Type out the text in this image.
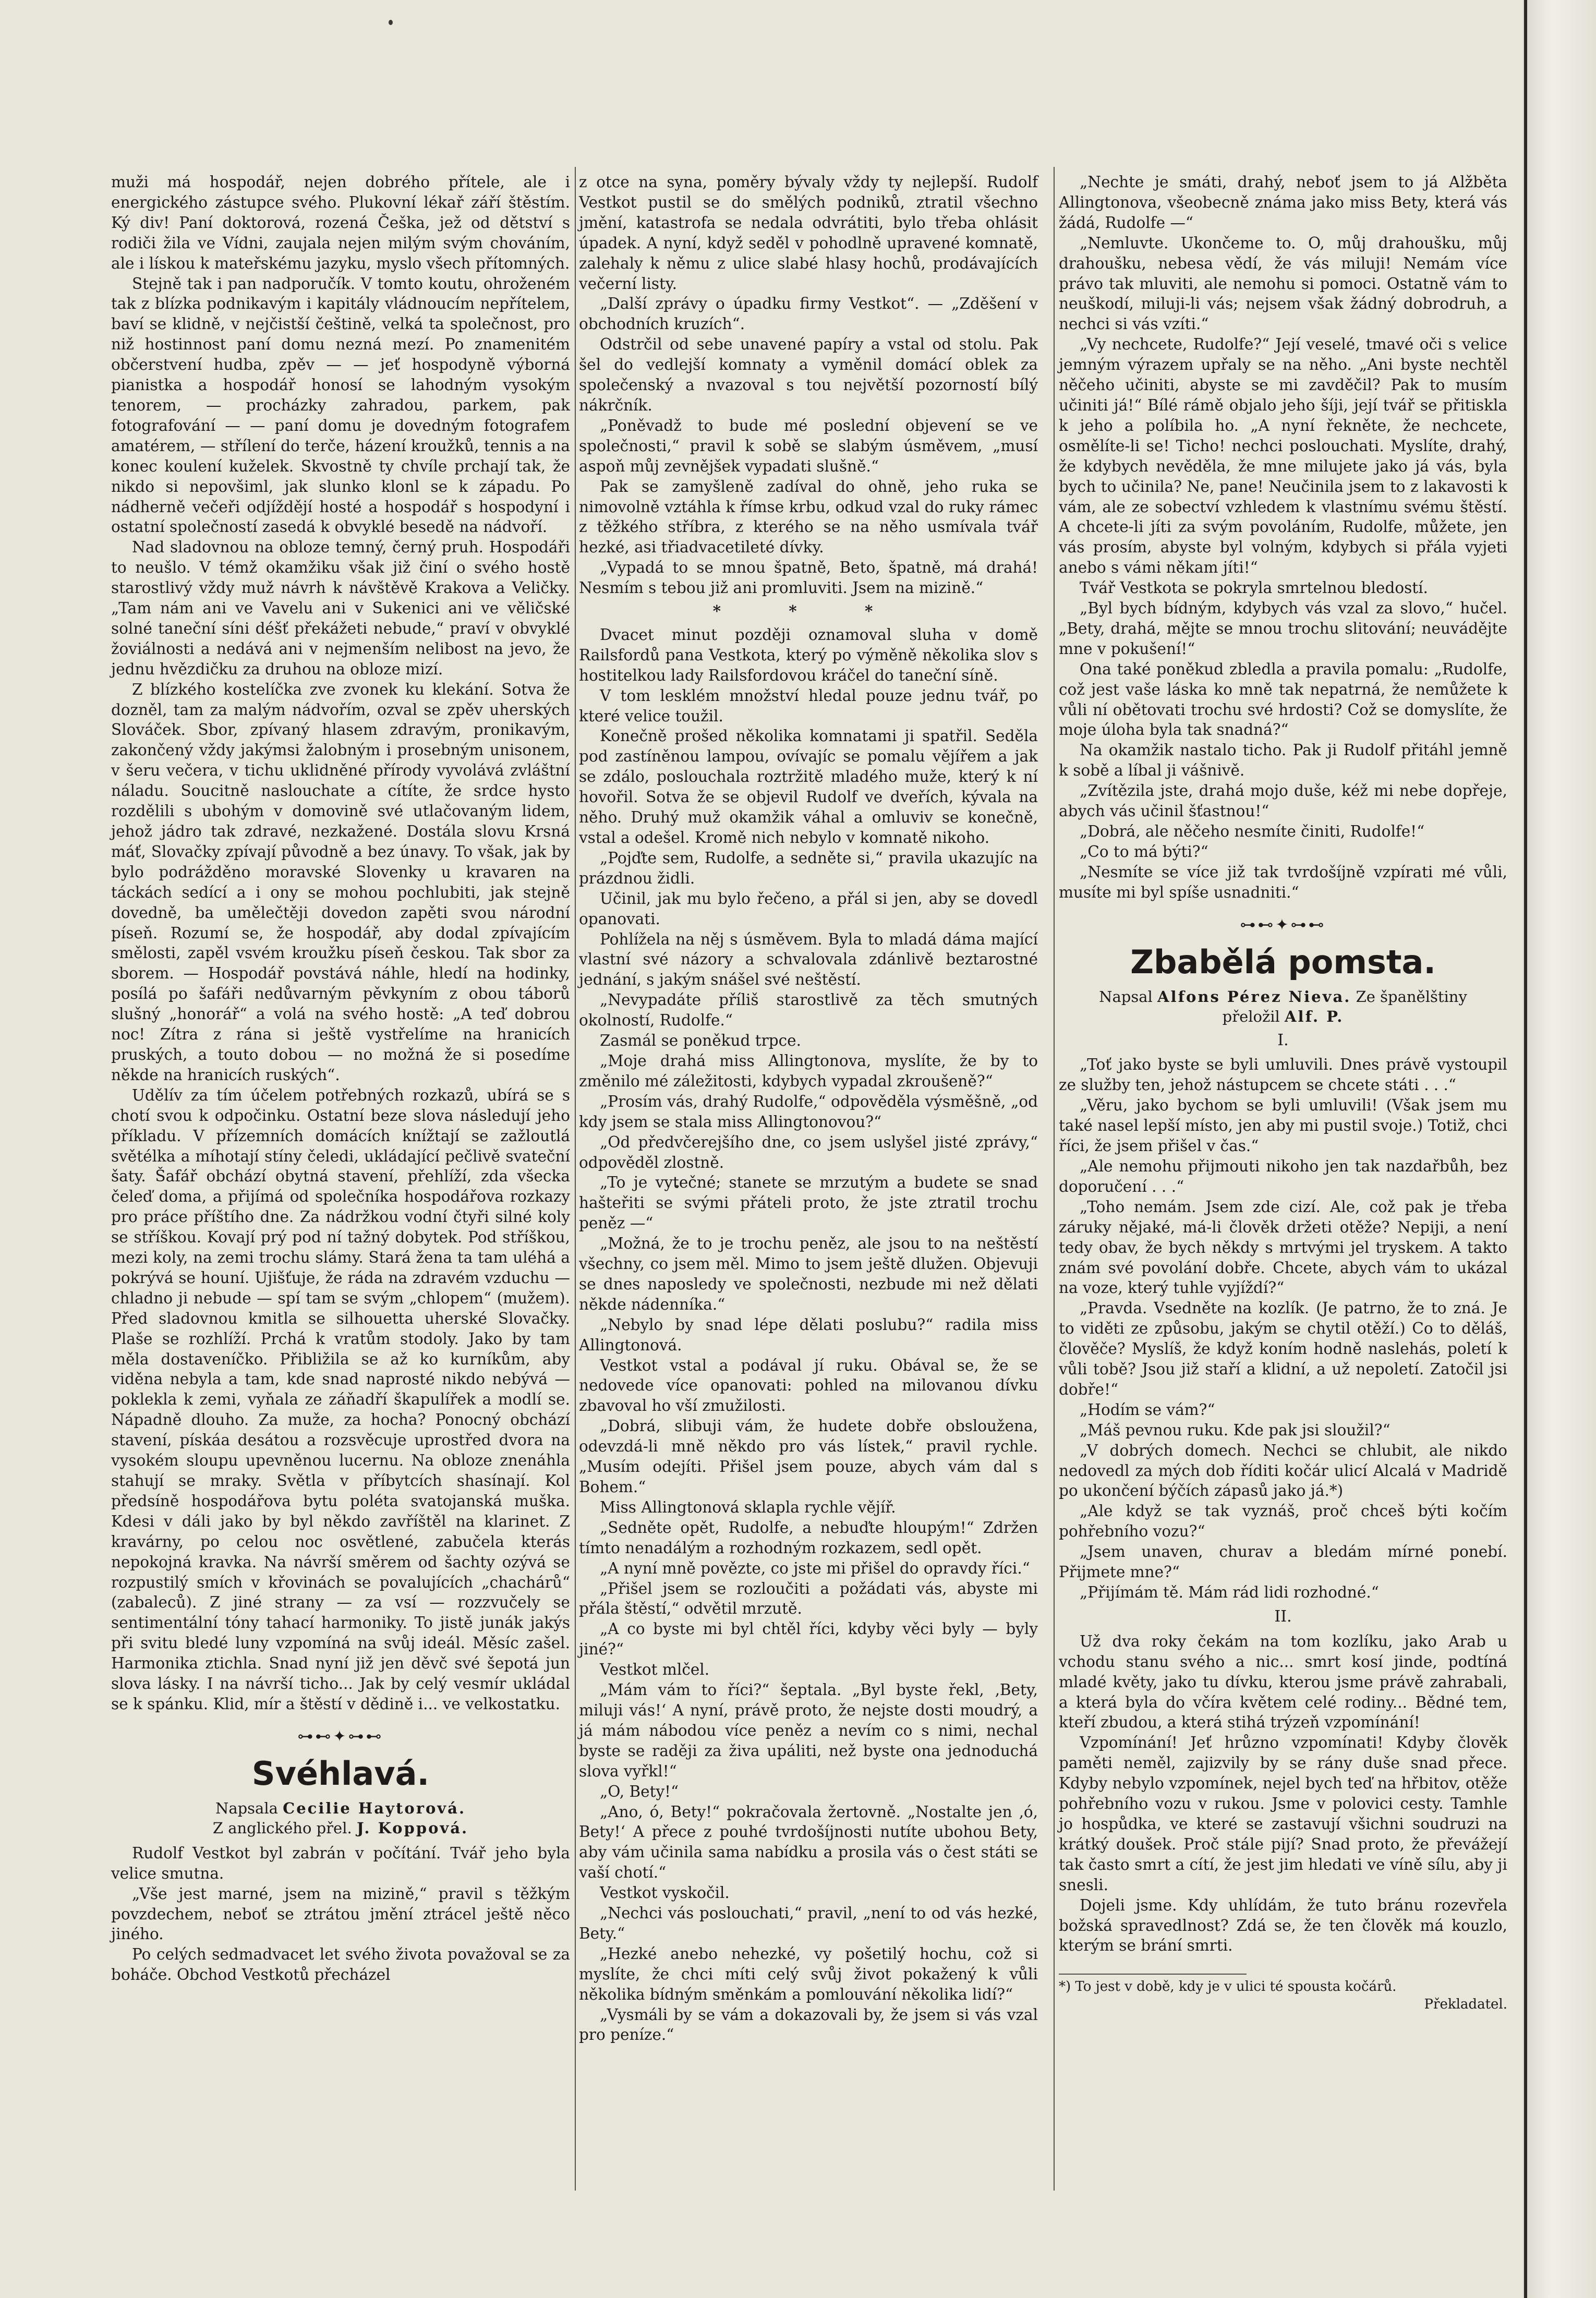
muži má hospodář, nejen dobrého přítele, ale i energického zástupce svého. Plukovní lékař září štěstím. Ký div! Paní doktorová, rozená Češka, jež od dětství s rodiči žila ve Vídni, zaujala nejen milým svým chováním, ale i lískou k mateřskému jazyku, myslo všech přítomných.

Stejně tak i pan nadporučík. V tomto koutu, ohroženém tak z blízka podnikavým i kapitály vládnoucím nepřítelem, baví se klidně, v nejčistší češtině, velká ta společnost, pro niž hostinnost paní domu nezná mezí. Po znamenitém občerstvení hudba, zpěv — — jeť hospodyně výborná pianistka a hospodář honosí se lahodným vysokým tenorem, — procházky zahradou, parkem, pak fotografování — — paní domu je dovedným fotografem amatérem, — střílení do terče, házení kroužků, tennis a na konec koulení kuželek. Skvostně ty chvíle prchají tak, že nikdo si nepovšiml, jak slunko klonl se k západu. Po nádherně večeři odjíždějí hosté a hospodář s hospodyní i ostatní společností zasedá k obvyklé besedě na nádvoří.

Nad sladovnou na obloze temný, černý pruh. Hospodáři to neušlo. V témž okamžiku však již činí o svého hostě starostlivý vždy muž návrh k návštěvě Krakova a Veličky. „Tam nám ani ve Vavelu ani v Sukenici ani ve věličské solné taneční síni déšť překážeti nebude,“ praví v obvyklé žoviálnosti a nedává ani v nejmenším nelibost na jevo, že jednu hvězdičku za druhou na obloze mizí.

Z blízkého kostelíčka zve zvonek ku klekání. Sotva že dozněl, tam za malým nádvořím, ozval se zpěv uherských Slováček. Sbor, zpívaný hlasem zdravým, pronikavým, zakončený vždy jakýmsi žalobným i prosebným unisonem, v šeru večera, v tichu uklidněné přírody vyvolává zvláštní náladu. Soucitně naslouchate a cítíte, že srdce hysto rozdělili s ubohým v domovině své utlačovaným lidem, jehož jádro tak zdravé, nezkažené. Dostála slovu Krsná máť, Slovačky zpívají původně a bez únavy. To však, jak by bylo podrážděno moravské Slovenky u kravaren na táckách sedící a i ony se mohou pochlubiti, jak stejně dovedně, ba umělečtěji dovedon zapěti svou národní píseň. Rozumí se, že hospodář, aby dodal zpívajícím smělosti, zapěl vsvém kroužku píseň českou. Tak sbor za sborem. — Hospodář povstává náhle, hledí na hodinky, posílá po šafáři nedůvarným pěvkyním z obou táborů slušný „honorář“ a volá na svého hostě: „A teď dobrou noc! Zítra z rána si ještě vystřelíme na hranicích pruských, a touto dobou — no možná že si posedíme někde na hranicích ruských“.

Udělív za tím účelem potřebných rozkazů, ubírá se s chotí svou k odpočinku. Ostatní beze slova následují jeho příkladu. V přízemních domácích knížtají se zažloutlá světélka a míhotají stíny čeledi, ukládající pečlivě svateční šaty. Šafář obchází obytná stavení, přehlíží, zda všecka čeleď doma, a přijímá od společníka hospodářova rozkazy pro práce příštího dne. Za nádržkou vodní čtyři silné koly se stříškou. Kovají prý pod ní tažný dobytek. Pod stříškou, mezi koly, na zemi trochu slámy. Stará žena ta tam uléhá a pokrývá se houní. Ujišťuje, že ráda na zdravém vzduchu — chladno ji nebude — spí tam se svým „chlopem“ (mužem). Před sladovnou kmitla se silhouetta uherské Slovačky. Plaše se rozhlíží. Prchá k vratům stodoly. Jako by tam měla dostaveníčko. Přibližila se až ko kurníkům, aby viděna nebyla a tam, kde snad naprosté nikdo nebývá — poklekla k zemi, vyňala ze záňadří škapulířek a modlí se. Nápadně dlouho. Za muže, za hocha? Ponocný obchází stavení, pískáa desátou a rozsvěcuje uprostřed dvora na vysokém sloupu upevněnou lucernu. Na obloze znenáhla stahují se mraky. Světla v příbytcích shasínají. Kol předsíně hospodářova bytu poléta svatojanská muška. Kdesi v dáli jako by byl někdo zavříštěl na klarinet. Z kravárny, po celou noc osvětlené, zabučela kterás nepokojná kravka. Na návrší směrem od šachty ozývá se rozpustilý smích v křovinách se povalujících „chachárů“ (zabaleců). Z jiné strany — za vsí — rozzvučely se sentimentální tóny tahací harmoniky. To jistě junák jakýs při svitu bledé luny vzpomíná na svůj ideál. Měsíc zašel. Harmonika ztichla. Snad nyní již jen děvč své šepotá jun slova lásky. I na návrší ticho... Jak by celý vesmír ukládal se k spánku. Klid, mír a štěstí v dědině i... ve velkostatku.

⊶⊷✦⊶⊷
Svéhlavá.
Napsala Cecilie Haytorová.
Z anglického přel. J. Koppová.

Rudolf Vestkot byl zabrán v počítání. Tvář jeho byla velice smutna.

„Vše jest marné, jsem na mizině,“ pravil s těžkým povzdechem, neboť se ztrátou jmění ztrácel ještě něco jiného.

Po celých sedmadvacet let svého života považoval se za boháče. Obchod Vestkotů přecházel

z otce na syna, poměry bývaly vždy ty nejlepší. Rudolf Vestkot pustil se do smělých podniků, ztratil všechno jmění, katastrofa se nedala odvrátiti, bylo třeba ohlásit úpadek. A nyní, když seděl v pohodlně upravené komnatě, zalehaly k němu z ulice slabé hlasy hochů, prodávajících večerní listy.

„Další zprávy o úpadku firmy Vestkot“. — „Zděšení v obchodních kruzích“.

Odstrčil od sebe unavené papíry a vstal od stolu. Pak šel do vedlejší komnaty a vyměnil domácí oblek za společenský a nvazoval s tou největší pozorností bílý nákrčník.

„Poněvadž to bude mé poslední objevení se ve společnosti,“ pravil k sobě se slabým úsměvem, „musí aspoň můj zevnějšek vypadati slušně.“

Pak se zamyšleně zadíval do ohně, jeho ruka se nimovolně vztáhla k římse krbu, odkud vzal do ruky rámec z těžkého stříbra, z kterého se na něho usmívala tvář hezké, asi třiadvacetileté dívky.

„Vypadá to se mnou špatně, Beto, špatně, má drahá! Nesmím s tebou již ani promluviti. Jsem na mizině.“

* * *

Dvacet minut později oznamoval sluha v domě Railsfordů pana Vestkota, který po výměně několika slov s hostitelkou lady Railsfordovou kráčel do taneční síně.

V tom lesklém množství hledal pouze jednu tvář, po které velice toužil.

Konečně prošed několika komnatami ji spatřil. Seděla pod zastíněnou lampou, ovívajíc se pomalu vějířem a jak se zdálo, poslouchala roztržitě mladého muže, který k ní hovořil. Sotva že se objevil Rudolf ve dveřích, kývala na něho. Druhý muž okamžik váhal a omluviv se konečně, vstal a odešel. Kromě nich nebylo v komnatě nikoho.

„Pojďte sem, Rudolfe, a sedněte si,“ pravila ukazujíc na prázdnou židli.

Učinil, jak mu bylo řečeno, a přál si jen, aby se dovedl opanovati.

Pohlížela na něj s úsměvem. Byla to mladá dáma mající vlastní své názory a schvalovala zdánlivě beztarostné jednání, s jakým snášel své neštěstí.

„Nevypadáte příliš starostlivě za těch smutných okolností, Rudolfe.“

Zasmál se poněkud trpce.

„Moje drahá miss Allingtonova, myslíte, že by to změnilo mé záležitosti, kdybych vypadal zkroušeně?“

„Prosím vás, drahý Rudolfe,“ odpověděla výsměšně, „od kdy jsem se stala miss Allingtonovou?“

„Od předvčerejšího dne, co jsem uslyšel jisté zprávy,“ odpověděl zlostně.

„To je vytečné; stanete se mrzutým a budete se snad hašteřiti se svými přáteli proto, že jste ztratil trochu peněz —“

„Možná, že to je trochu peněz, ale jsou to na neštěstí všechny, co jsem měl. Mimo to jsem ještě dlužen. Objevuji se dnes naposledy ve společnosti, nezbude mi než dělati někde nádenníka.“

„Nebylo by snad lépe dělati poslubu?“ radila miss Allingtonová.

Vestkot vstal a podával jí ruku. Obával se, že se nedovede více opanovati: pohled na milovanou dívku zbavoval ho vší zmužilosti.

„Dobrá, slibuji vám, že hudete dobře obslouženа, odevzdá-li mně někdo pro vás lístek,“ pravil rychle. „Musím odejíti. Přišel jsem pouze, abych vám dal s Bohem.“

Miss Allingtonová sklapla rychle vějíř.

„Sedněte opět, Rudolfe, a nebuďte hloupým!“ Zdržen tímto nenadálým a rozhodným rozkazem, sedl opět.

„A nyní mně povězte, co jste mi přišel do opravdy říci.“

„Přišel jsem se rozloučiti a požádati vás, abyste mi přála štěstí,“ odvětil mrzutě.

„A co byste mi byl chtěl říci, kdyby věci byly — byly jiné?“

Vestkot mlčel.

„Mám vám to říci?“ šeptala. „Byl byste řekl, ‚Bety, miluji vás!‘ A nyní, právě proto, že nejste dosti moudrý, a já mám nábodou více peněz a nevím co s nimi, nechal byste se raději za živa upáliti, než byste ona jednoduchá slova vyřkl!“

„O, Bety!“

„Ano, ó, Bety!“ pokračovala žertovně. „Nostalte jen ‚ó, Bety!‘ A přece z pouhé tvrdošíjnosti nutíte ubohou Bety, aby vám učinila sama nabídku a prosila vás o čest státi se vaší chotí.“

Vestkot vyskočil.

„Nechci vás poslouchati,“ pravil, „není to od vás hezké, Bety.“

„Hezké anebo nehezké, vy pošetilý hochu, což si myslíte, že chci míti celý svůj život pokažený k vůli několika bídným směnkám a pomlouvání několika lidí?“

„Vysmáli by se vám a dokazovali by, že jsem si vás vzal pro peníze.“

„Nechte je smáti, drahý, neboť jsem to já Alžběta Allingtonova, všeobecně známa jako miss Bety, která vás žádá, Rudolfe —“

„Nemluvte. Ukončeme to. O, můj drahoušku, můj drahoušku, nebesa vědí, že vás miluji! Nemám více právo tak mluviti, ale nemohu si pomoci. Ostatně vám to neuškodí, miluji-li vás; nejsem však žádný dobrodruh, a nechci si vás vzíti.“

„Vy nechcete, Rudolfe?“ Její veselé, tmavé oči s velice jemným výrazem upřaly se na něho. „Ani byste nechtěl něčeho učiniti, abyste se mi zavděčil? Pak to musím učiniti já!“ Bílé rámě objalo jeho šíji, její tvář se přitiskla k jeho a políbila ho. „A nyní řekněte, že nechcete, osmělíte-li se! Ticho! nechci poslouchati. Myslíte, drahý, že kdybych nevěděla, že mne milujete jako já vás, byla bych to učinila? Ne, pane! Neučinila jsem to z lakavosti k vám, ale ze sobectví vzhledem k vlastnímu svému štěstí. A chcete-li jíti za svým povoláním, Rudolfe, můžete, jen vás prosím, abyste byl volným, kdybych si přála vyjeti anebo s vámi někam jíti!“

Tvář Vestkota se pokryla smrtelnou bledostí.

„Byl bych bídným, kdybych vás vzal za slovo,“ hučel. „Bety, drahá, mějte se mnou trochu slitování; neuvádějte mne v pokušení!“

Ona také poněkud zbledla a pravila pomalu: „Rudolfe, což jest vaše láska ko mně tak nepatrná, že nemůžete k vůli ní obětovati trochu své hrdosti? Což se domyslíte, že moje úloha byla tak snadná?“

Na okamžik nastalo ticho. Pak ji Rudolf přitáhl jemně k sobě a líbal ji vášnivě.

„Zvítězila jste, drahá mojo duše, kéž mi nebe dopřeje, abych vás učinil šťastnou!“

„Dobrá, ale něčeho nesmíte činiti, Rudolfe!“

„Co to má býti?“

„Nesmíte se více již tak tvrdošíjně vzpírati mé vůli, musíte mi byl spíše usnadniti.“

⊶⊷✦⊶⊷
Zbabělá pomsta.
Napsal Alfons Pérez Nieva. Ze španělštiny
přeložil Alf. P.
I.

„Toť jako byste se byli umluvili. Dnes právě vystoupil ze služby ten, jehož nástupcem se chcete státi . . .“

„Věru, jako bychom se byli umluvili! (Však jsem mu také nasel lepší místo, jen aby mi pustil svoje.) Totiž, chci říci, že jsem přišel v čas.“

„Ale nemohu přijmouti nikoho jen tak nazdařbůh, bez doporučení . . .“

„Toho nemám. Jsem zde cizí. Ale, což pak je třeba záruky nějaké, má-li člověk držeti otěže? Nepiji, a není tedy obav, že bych někdy s mrtvými jel tryskem. A takto znám své povolání dobře. Chcete, abych vám to ukázal na voze, který tuhle vyjíždí?“

„Pravda. Vsedněte na kozlík. (Je patrno, že to zná. Je to viděti ze způsobu, jakým se chytil otěží.) Co to děláš, člověče? Myslíš, že když koním hodně naslehás, poletí k vůli tobě? Jsou již staří a klidní, a už nepoletí. Zatočil jsi dobře!“

„Hodím se vám?“

„Máš pevnou ruku. Kde pak jsi sloužil?“

„V dobrých domech. Nechci se chlubit, ale nikdo nedovedl za mých dob říditi kočár ulicí Alcalá v Madridě po ukončení býčích zápasů jako já.*)

„Ale když se tak vyznáš, proč chceš býti kočím pohřebního vozu?“

„Jsem unaven, churav a bledám mírné ponebí. Přijmete mne?“

„Přijímám tě. Mám rád lidi rozhodné.“

II.

Už dva roky čekám na tom kozlíku, jako Arab u vchodu stanu svého a nic... smrt kosí jinde, podtíná mladé květy, jako tu dívku, kterou jsme právě zahrabali, a která byla do včíra květem celé rodiny... Bědné tem, kteří zbudou, a která stihá trýzeň vzpomínání!

Vzpomínání! Jeť hrůzno vzpomínati! Kdyby člověk paměti neměl, zajizvily by se rány duše snad přece. Kdyby nebylo vzpomínek, nejel bych teď na hřbitov, otěže pohřebního vozu v rukou. Jsme v polovici cesty. Tamhle jo hospůdka, ve které se zastavují všichni soudruzi na krátký doušek. Proč stále pijí? Snad proto, že převážejí tak často smrt a cítí, že jest jim hledati ve víně sílu, aby ji snesli.

Dojeli jsme. Kdy uhlídám, že tuto bránu rozevřela božská spravedlnost? Zdá se, že ten člověk má kouzlo, kterým se brání smrti.

*) To jest v době, kdy je v ulici té spousta kočárů.
Překladatel.
